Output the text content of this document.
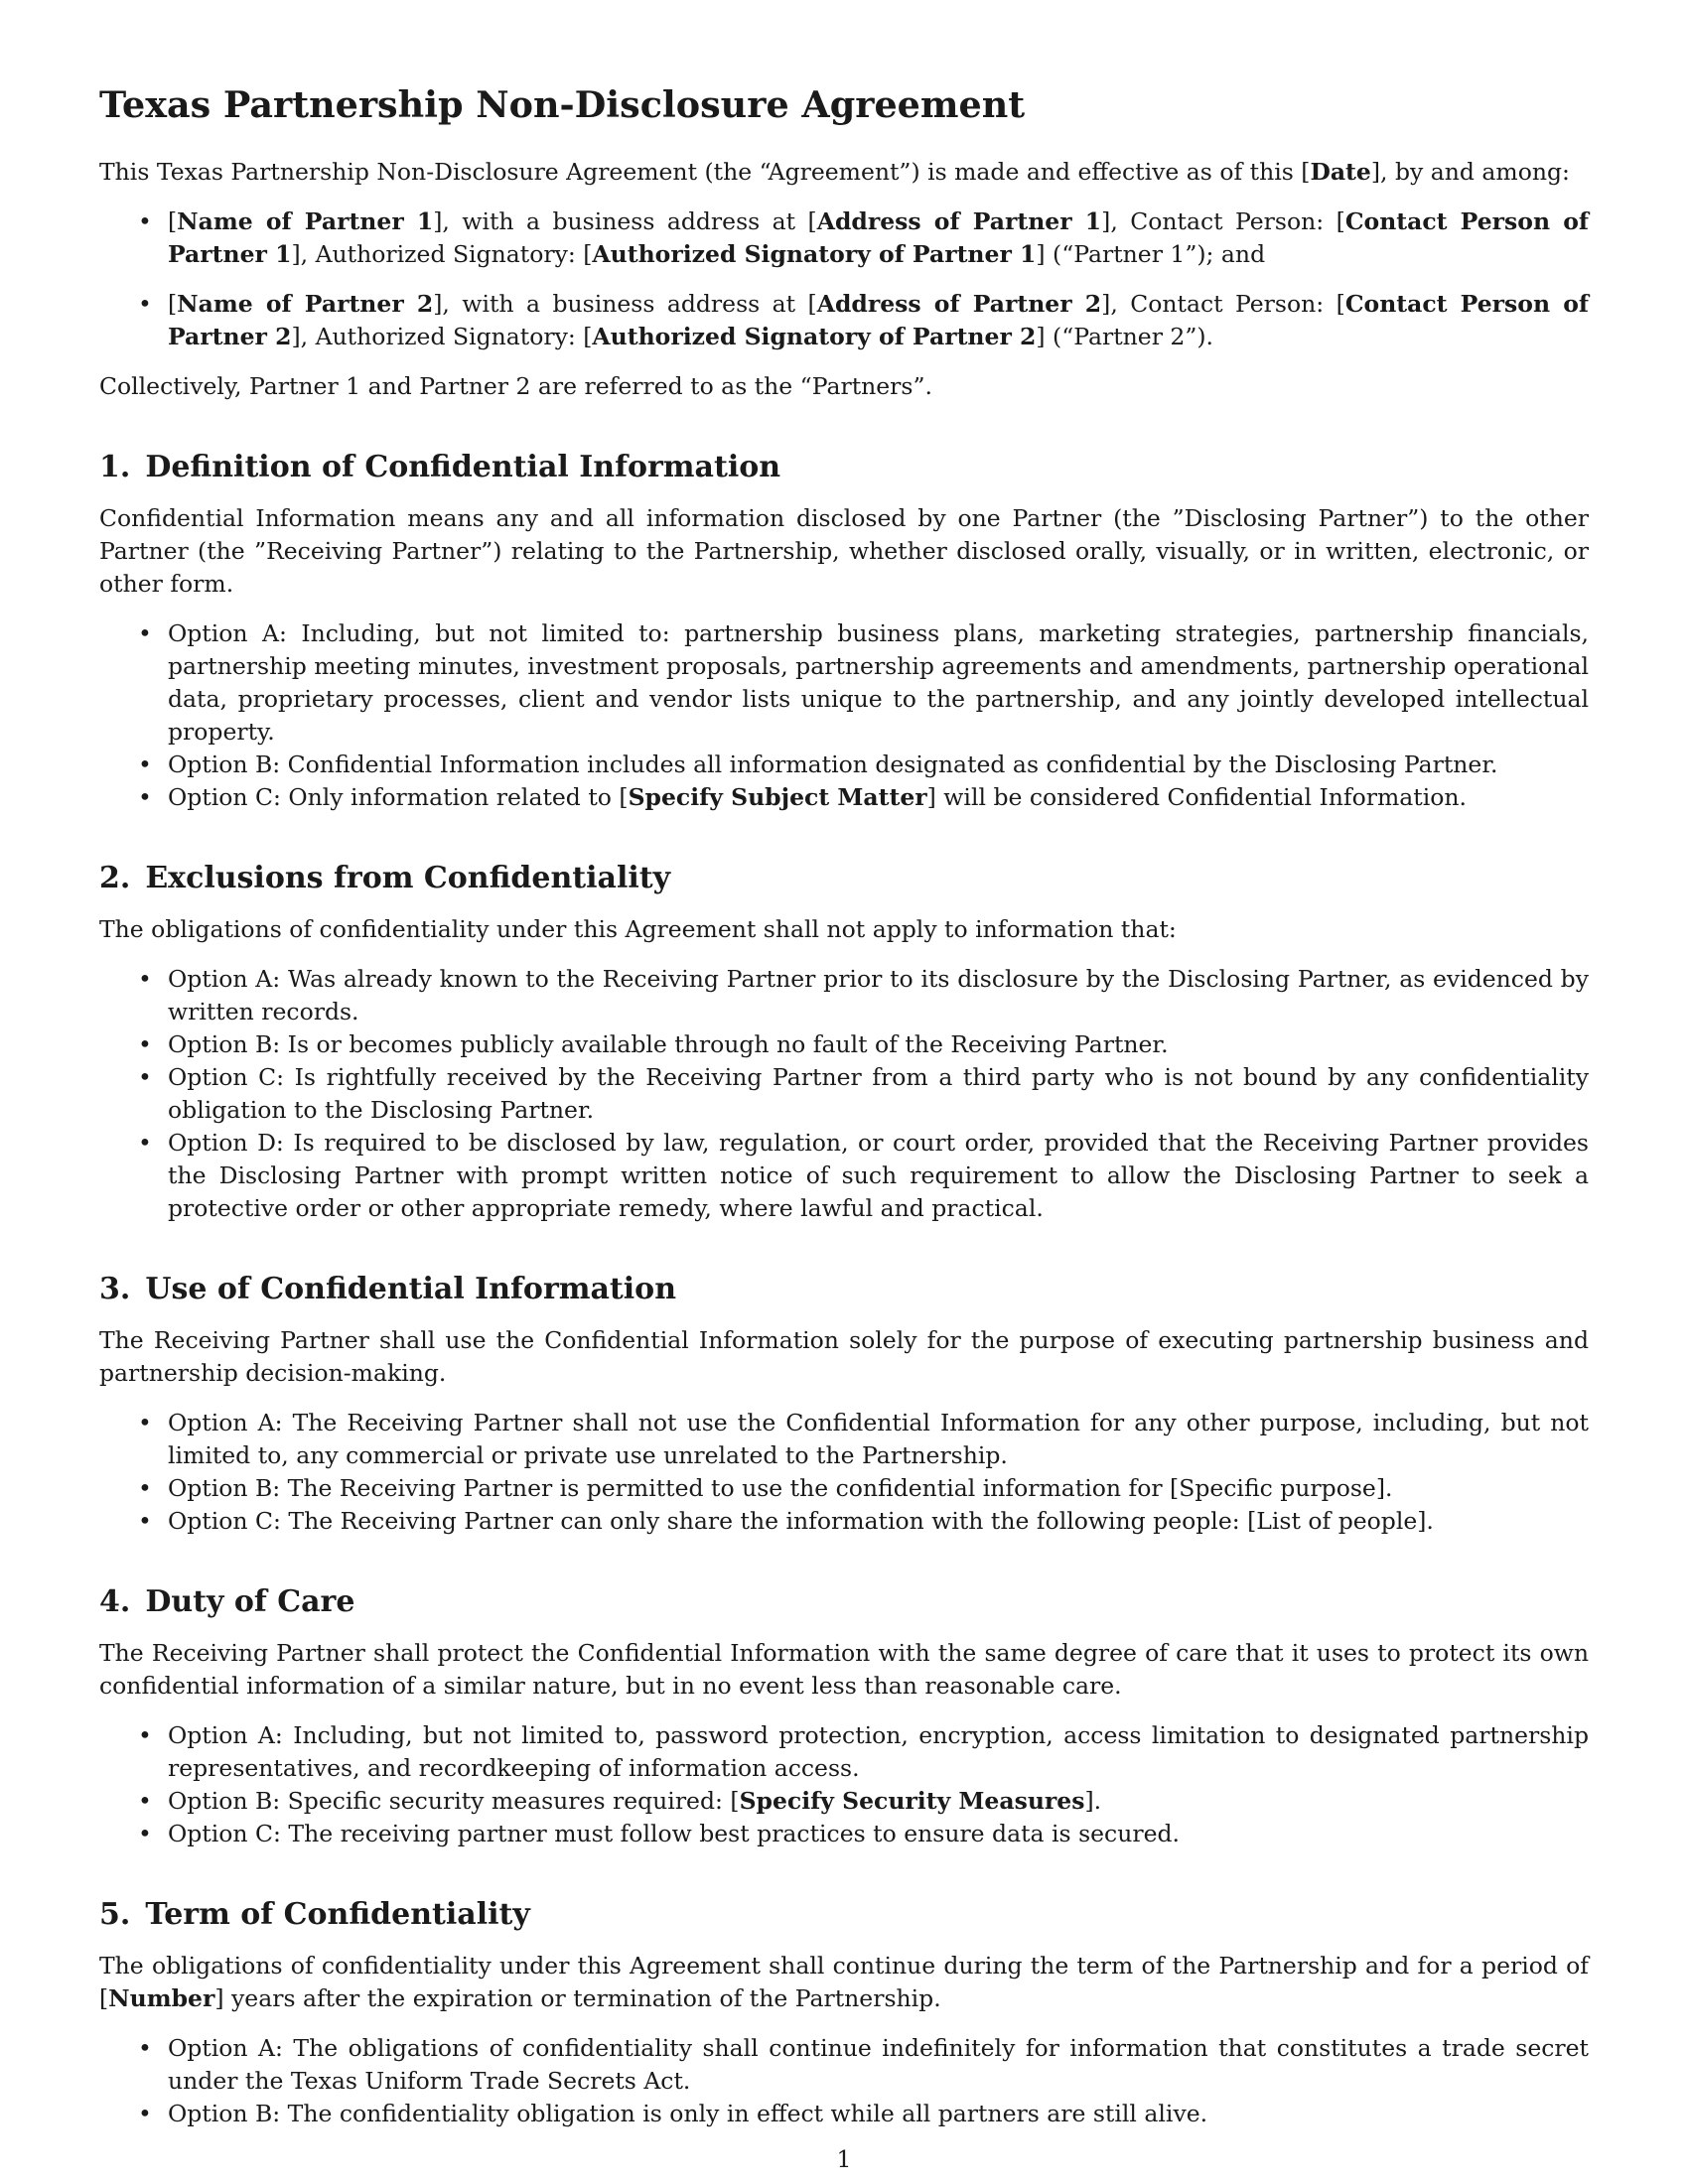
Texas Partnership Non-Disclosure Agreement

This Texas Partnership Non-Disclosure Agreement (the “Agreement”) is made and effective as of this [Date], by and among:

• [Name of Partner 1], with a business address at [Address of Partner 1], Contact Person: [Contact Person of Partner 1], Authorized Signatory: [Authorized Signatory of Partner 1] (“Partner 1”); and
• [Name of Partner 2], with a business address at [Address of Partner 2], Contact Person: [Contact Person of Partner 2], Authorized Signatory: [Authorized Signatory of Partner 2] (“Partner 2”).

Collectively, Partner 1 and Partner 2 are referred to as the “Partners”.

1. Definition of Confidential Information

Confidential Information means any and all information disclosed by one Partner (the ”Disclosing Partner”) to the other Partner (the ”Receiving Partner”) relating to the Partnership, whether disclosed orally, visually, or in written, electronic, or other form.

• Option A: Including, but not limited to: partnership business plans, marketing strategies, partnership financials, partnership meeting minutes, investment proposals, partnership agreements and amendments, partnership operational data, proprietary processes, client and vendor lists unique to the partnership, and any jointly developed intellectual property.
• Option B: Confidential Information includes all information designated as confidential by the Disclosing Partner.
• Option C: Only information related to [Specify Subject Matter] will be considered Confidential Information.
2. Exclusions from Confidentiality

The obligations of confidentiality under this Agreement shall not apply to information that:

• Option A: Was already known to the Receiving Partner prior to its disclosure by the Disclosing Partner, as evidenced by written records.
• Option B: Is or becomes publicly available through no fault of the Receiving Partner.
• Option C: Is rightfully received by the Receiving Partner from a third party who is not bound by any confidentiality obligation to the Disclosing Partner.
• Option D: Is required to be disclosed by law, regulation, or court order, provided that the Receiving Partner provides the Disclosing Partner with prompt written notice of such requirement to allow the Disclosing Partner to seek a protective order or other appropriate remedy, where lawful and practical.
3. Use of Confidential Information

The Receiving Partner shall use the Confidential Information solely for the purpose of executing partnership business and partnership decision-making.

• Option A: The Receiving Partner shall not use the Confidential Information for any other purpose, including, but not limited to, any commercial or private use unrelated to the Partnership.
• Option B: The Receiving Partner is permitted to use the confidential information for [Specific purpose].
• Option C: The Receiving Partner can only share the information with the following people: [List of people].
4. Duty of Care

The Receiving Partner shall protect the Confidential Information with the same degree of care that it uses to protect its own confidential information of a similar nature, but in no event less than reasonable care.

• Option A: Including, but not limited to, password protection, encryption, access limitation to designated partnership representatives, and recordkeeping of information access.
• Option B: Specific security measures required: [Specify Security Measures].
• Option C: The receiving partner must follow best practices to ensure data is secured.
5. Term of Confidentiality

The obligations of confidentiality under this Agreement shall continue during the term of the Partnership and for a period of [Number] years after the expiration or termination of the Partnership.

• Option A: The obligations of confidentiality shall continue indefinitely for information that constitutes a trade secret under the Texas Uniform Trade Secrets Act.
• Option B: The confidentiality obligation is only in effect while all partners are still alive.
1
